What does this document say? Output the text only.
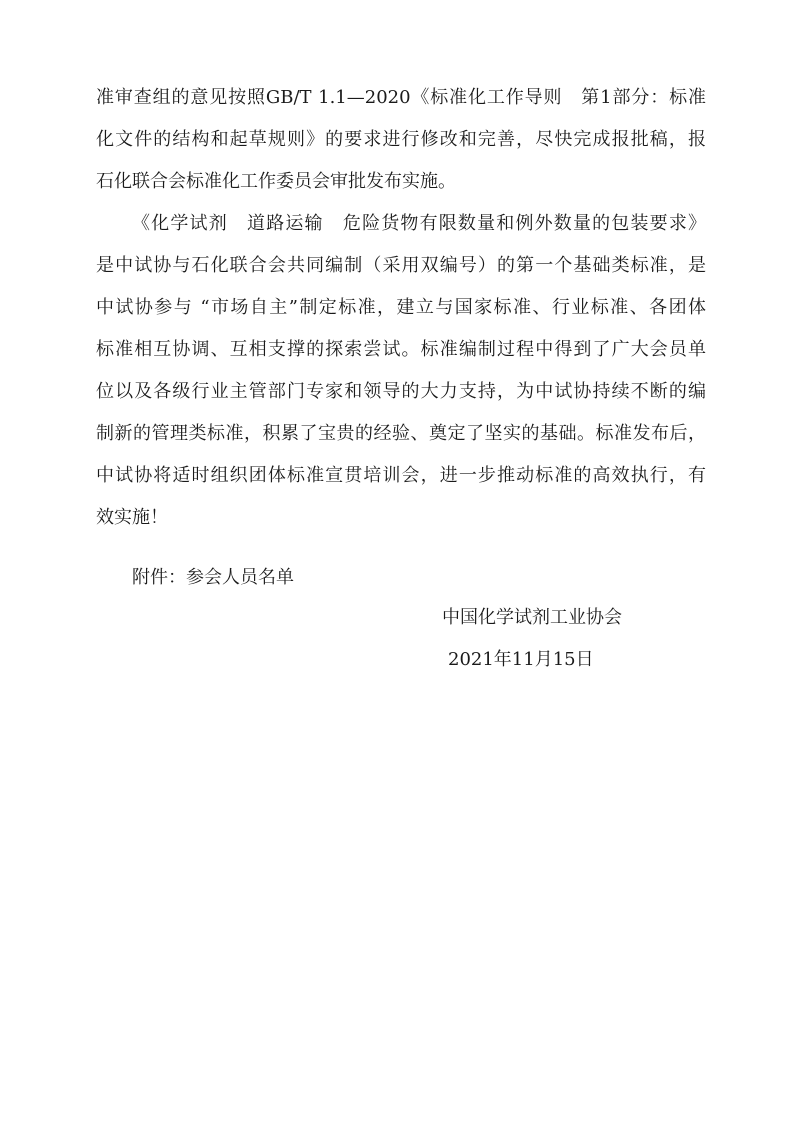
准审查组的意见按照GB/T 1.1—2020《标准化工作导则　第1部分：标准
化文件的结构和起草规则》的要求进行修改和完善，尽快完成报批稿，报
石化联合会标准化工作委员会审批发布实施。
《化学试剂　道路运输　危险货物有限数量和例外数量的包装要求》
是中试协与石化联合会共同编制（采用双编号）的第一个基础类标准，是
中试协参与 “市场自主”制定标准，建立与国家标准、行业标准、各团体
标准相互协调、互相支撑的探索尝试。标准编制过程中得到了广大会员单
位以及各级行业主管部门专家和领导的大力支持，为中试协持续不断的编
制新的管理类标准，积累了宝贵的经验、奠定了坚实的基础。标准发布后，
中试协将适时组织团体标准宣贯培训会，进一步推动标准的高效执行，有
效实施！
附件：参会人员名单
中国化学试剂工业协会
2021年11月15日
